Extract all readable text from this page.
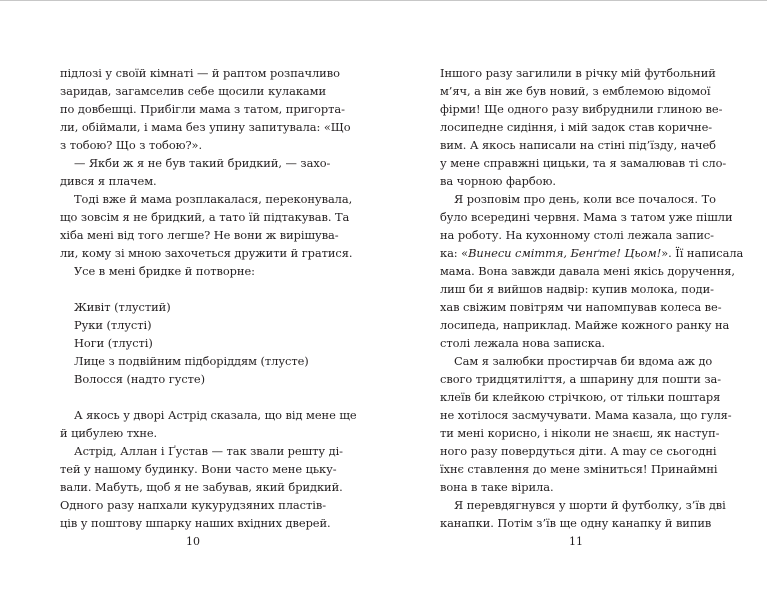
підлозі у своїй кімнаті — й раптом розпачливо
заридав, загамселив себе щосили кулаками
по довбешці. Прибігли мама з татом, пригорта-
ли, обіймали, і мама без упину запитувала: «Що
з тобою? Що з тобою?».
— Якби ж я не був такий бридкий, — захо-
дився я плачем.
Тоді вже й мама розплакалася, переконувала,
що зовсім я не бридкий, а тато їй підтакував. Та
хіба мені від того легше? Не вони ж вирішува-
ли, кому зі мною захочеться дружити й гратися.
Усе в мені бридке й потворне:
Живіт (тлустий)
Руки (тлусті)
Ноги (тлусті)
Лице з подвійним підборіддям (тлусте)
Волосся (надто густе)
А якось у дворі Астрід сказала, що від мене ще
й цибулею тхне.
Астрід, Аллан і Ґустав — так звали решту ді-
тей у нашому будинку. Вони часто мене цьку-
вали. Мабуть, щоб я не забував, який бридкий.
Одного разу напхали кукурудзяних пластів-
ців у поштову шпарку наших вхідних дверей.
Іншого разу загилили в річку мій футбольний
м’яч, а він же був новий, з емблемою відомої
фірми! Ще одного разу вибруднили глиною ве-
лосипедне сидіння, і мій задок став коричне-
вим. А якось написали на стіні під’їзду, начеб
у мене справжні цицьки, та я замалював ті сло-
ва чорною фарбою.
Я розповім про день, коли все почалося. То
було всередині червня. Мама з татом уже пішли
на роботу. На кухонному столі лежала запис-
ка: «Винеси сміття, Бенґте! Цьом!». Її написала
мама. Вона завжди давала мені якісь доручення,
лиш би я вийшов надвір: купив молока, поди-
хав свіжим повітрям чи напомпував колеса ве-
лосипеда, наприклад. Майже кожного ранку на
столі лежала нова записка.
Сам я залюбки простирчав би вдома аж до
свого тридцятиліття, а шпарину для пошти за-
клеїв би клейкою стрічкою, от тільки поштаря
не хотілося засмучувати. Мама казала, що гуля-
ти мені корисно, і ніколи не знаєш, як наступ-
ного разу повердуться діти. А may се сьогодні
їхнє ставлення до мене зміниться! Принаймні
вона в таке вірила.
Я перевдягнувся у шорти й футболку, з’їв дві
канапки. Потім з’їв ще одну канапку й випив
10	11
